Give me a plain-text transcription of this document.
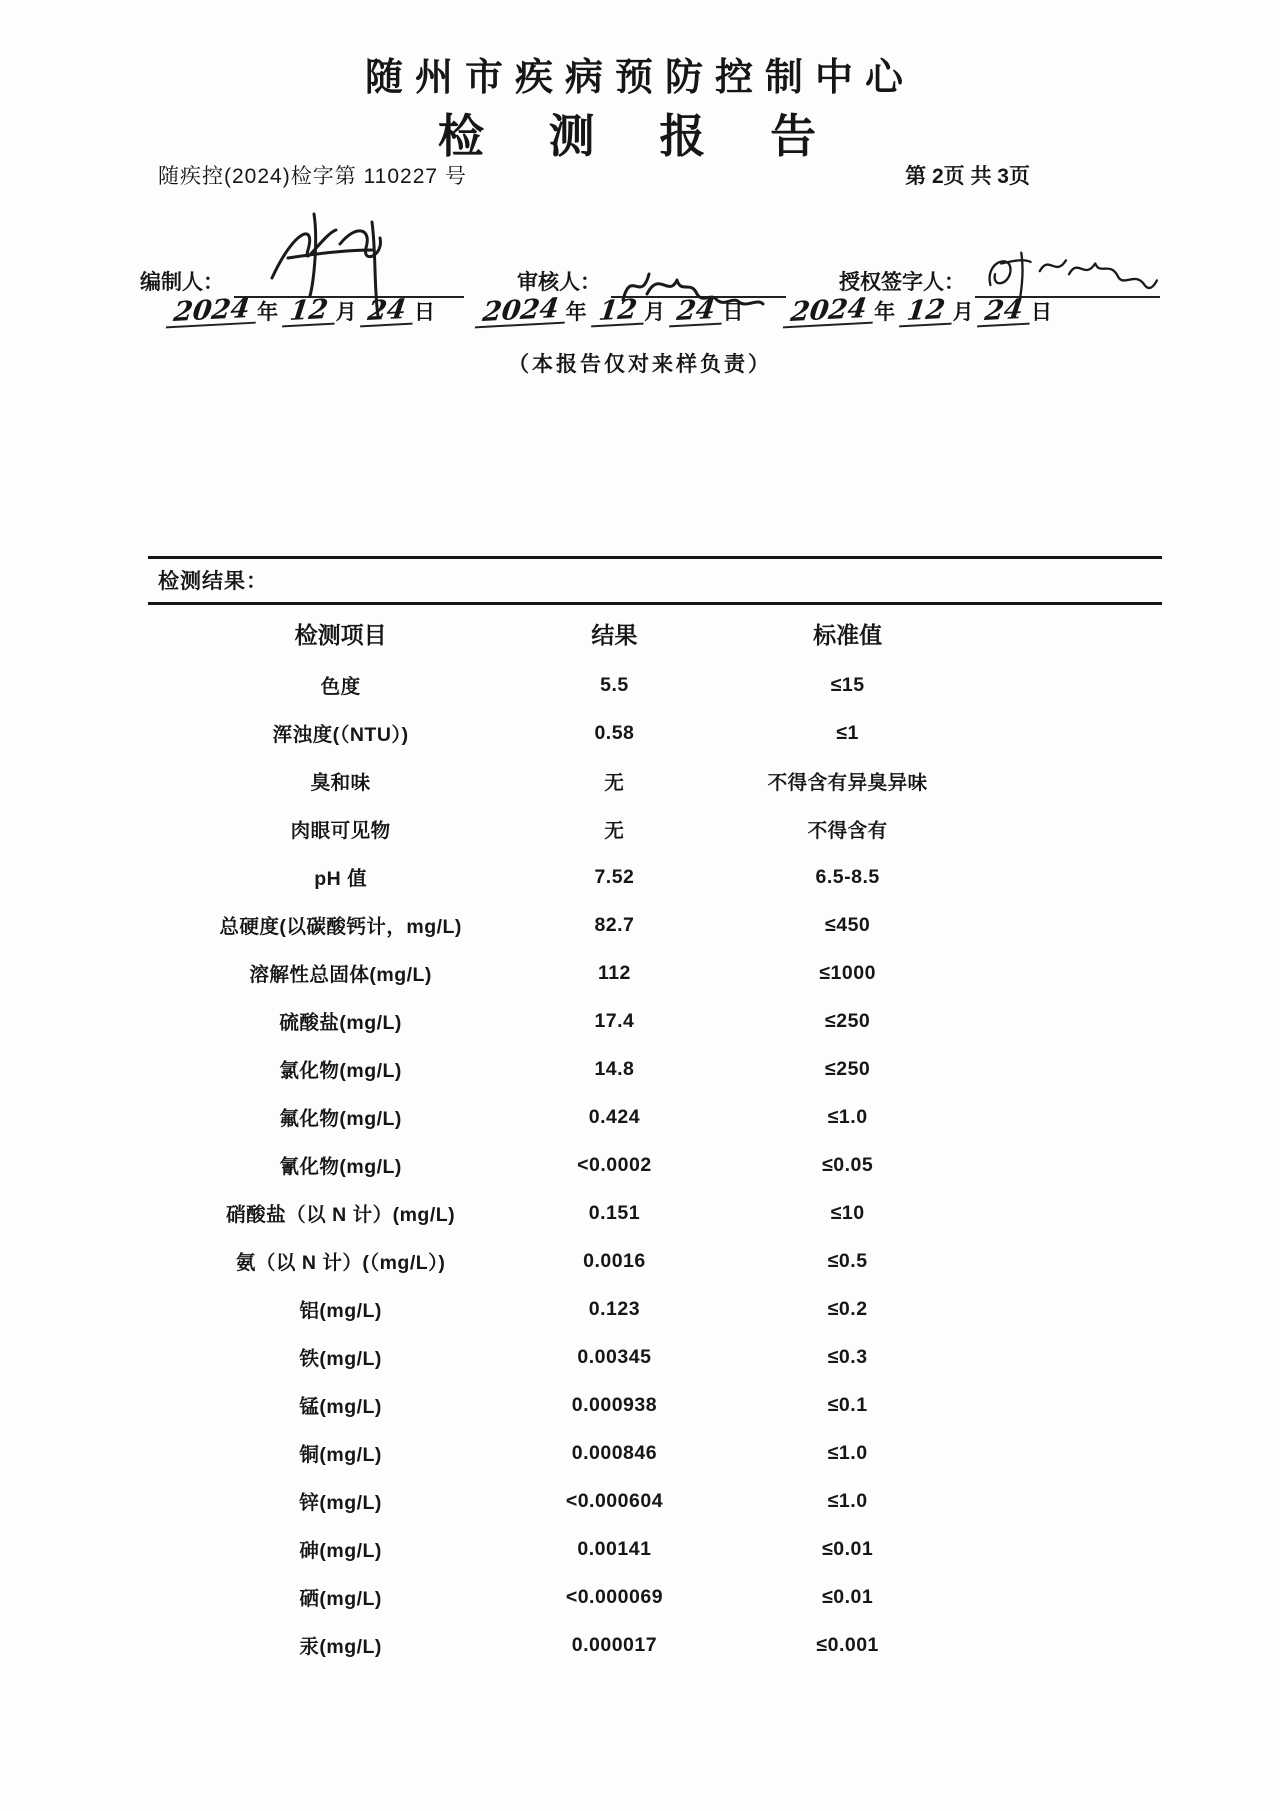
随州市疾病预防控制中心
检 测 报 告
随疾控(2024)检字第 110227 号	第 2页 共 3页
编制人：	审核人：	授权签字人：
2024 年 12 月 24 日 2024 年 12 月 24 日 2024 年 12 月 24 日
（本报告仅对来样负责）
检测结果：
检测项目	结果	标准值
色度	5.5	≤15
浑浊度(（NTU）)	0.58	≤1
臭和味	无	不得含有异臭异味
肉眼可见物	无	不得含有
pH 值	7.52	6.5-8.5
总硬度(以碳酸钙计，mg/L)	82.7	≤450
溶解性总固体(mg/L)	112	≤1000
硫酸盐(mg/L)	17.4	≤250
氯化物(mg/L)	14.8	≤250
氟化物(mg/L)	0.424	≤1.0
氰化物(mg/L)	<0.0002	≤0.05
硝酸盐（以 N 计）(mg/L)	0.151	≤10
氨（以 N 计）(（mg/L）)	0.0016	≤0.5
铝(mg/L)	0.123	≤0.2
铁(mg/L)	0.00345	≤0.3
锰(mg/L)	0.000938	≤0.1
铜(mg/L)	0.000846	≤1.0
锌(mg/L)	<0.000604	≤1.0
砷(mg/L)	0.00141	≤0.01
硒(mg/L)	<0.000069	≤0.01
汞(mg/L)	0.000017	≤0.001
